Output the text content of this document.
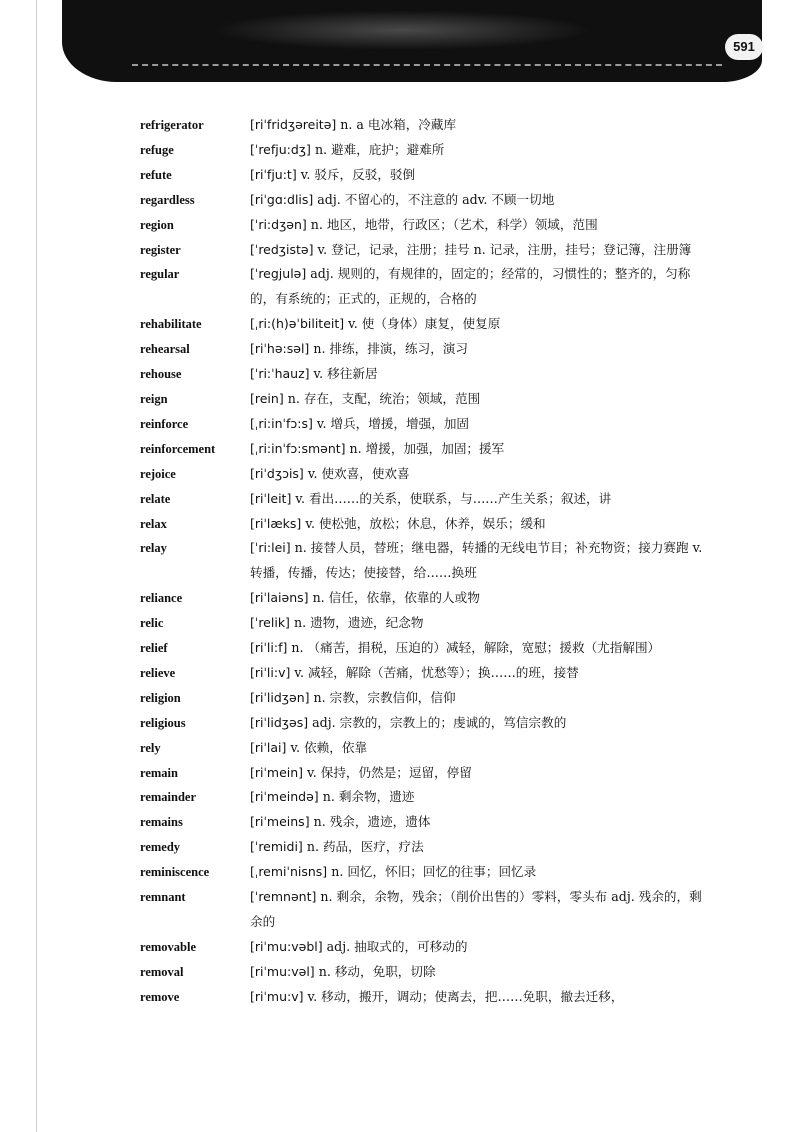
591
refrigerator	[riˈfridʒəreitə] n. a 电冰箱，冷藏库
refuge	[ˈrefju:dʒ] n. 避难，庇护；避难所
refute	[riˈfju:t] v. 驳斥，反驳，驳倒
regardless	[riˈgɑ:dlis] adj. 不留心的，不注意的 adv. 不顾一切地
region	[ˈri:dʒən] n. 地区，地带，行政区；（艺术，科学）领域，范围
register	[ˈredʒistə] v. 登记，记录，注册；挂号 n. 记录，注册，挂号；登记簿，注册簿
regular	[ˈregjulə] adj. 规则的，有规律的，固定的；经常的，习惯性的；整齐的，匀称的，有系统的；正式的，正规的，合格的
rehabilitate	[ˌri:(h)əˈbiliteit] v. 使（身体）康复，使复原
rehearsal	[riˈhə:səl] n. 排练，排演，练习，演习
rehouse	[ˈri:ˈhauz] v. 移往新居
reign	[rein] n. 存在，支配，统治；领域，范围
reinforce	[ˌri:inˈfɔ:s] v. 增兵，增援，增强，加固
reinforcement	[ˌri:inˈfɔ:smənt] n. 增援，加强，加固；援军
rejoice	[riˈdʒɔis] v. 使欢喜，使欢喜
relate	[riˈleit] v. 看出……的关系，使联系，与……产生关系；叙述，讲
relax	[riˈlæks] v. 使松弛，放松；休息，休养，娱乐；缓和
relay	[ˈri:lei] n. 接替人员，替班；继电器，转播的无线电节目；补充物资；接力赛跑 v. 转播，传播，传达；使接替，给……换班
reliance	[riˈlaiəns] n. 信任，依靠，依靠的人或物
relic	[ˈrelik] n. 遗物，遗迹，纪念物
relief	[riˈli:f] n. （痛苦，捐税，压迫的）减轻，解除，宽慰；援救（尤指解围）
relieve	[riˈli:v] v. 减轻，解除（苦痛，忧愁等）；换……的班，接替
religion	[riˈlidʒən] n. 宗教，宗教信仰，信仰
religious	[riˈlidʒəs] adj. 宗教的，宗教上的；虔诚的，笃信宗教的
rely	[riˈlai] v. 依赖，依靠
remain	[riˈmein] v. 保持，仍然是；逗留，停留
remainder	[riˈmeində] n. 剩余物，遗迹
remains	[riˈmeins] n. 残余，遗迹，遗体
remedy	[ˈremidi] n. 药品，医疗，疗法
reminiscence	[ˌremiˈnisns] n. 回忆，怀旧；回忆的往事；回忆录
remnant	[ˈremnənt] n. 剩余，余物，残余；（削价出售的）零料，零头布 adj. 残余的，剩余的
removable	[riˈmu:vəbl] adj. 抽取式的，可移动的
removal	[riˈmu:vəl] n. 移动，免职，切除
remove	[riˈmu:v] v. 移动，搬开，调动；使离去，把……免职，撤去迁移，
